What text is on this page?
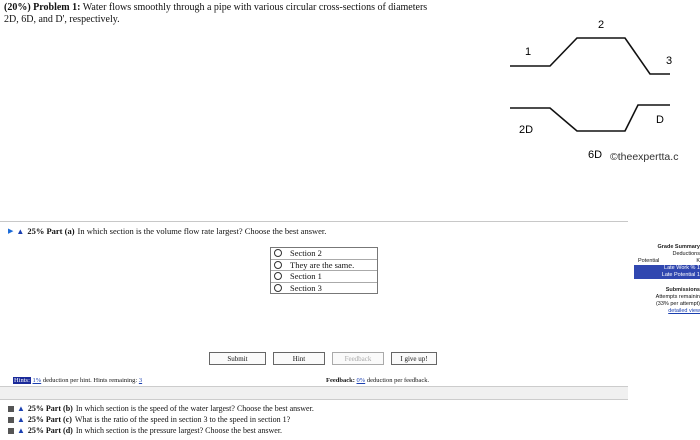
(20%) Problem 1: Water flows smoothly through a pipe with various circular cross-sections of diameters
2D, 6D, and D', respectively.
1
2
3
2D
D
6D ©theexpertta.c
▶ ▲ 25% Part (a) In which section is the volume flow rate largest? Choose the best answer.
Section 2
They are the same.
Section 1
Section 3
Grade Summary
Deductions
Potential	K
Late Work % 1
Late Potential 1
Submissions
Attempts remainin
(33% per attempt)
detailed view
Submit	Hint	Feedback	I give up!
Hints: 1% deduction per hint. Hints remaining: 3	Feedback: 0% deduction per feedback.
▲ 25% Part (b) In which section is the speed of the water largest? Choose the best answer.
▲ 25% Part (c) What is the ratio of the speed in section 3 to the speed in section 1?
▲ 25% Part (d) In which section is the pressure largest? Choose the best answer.
